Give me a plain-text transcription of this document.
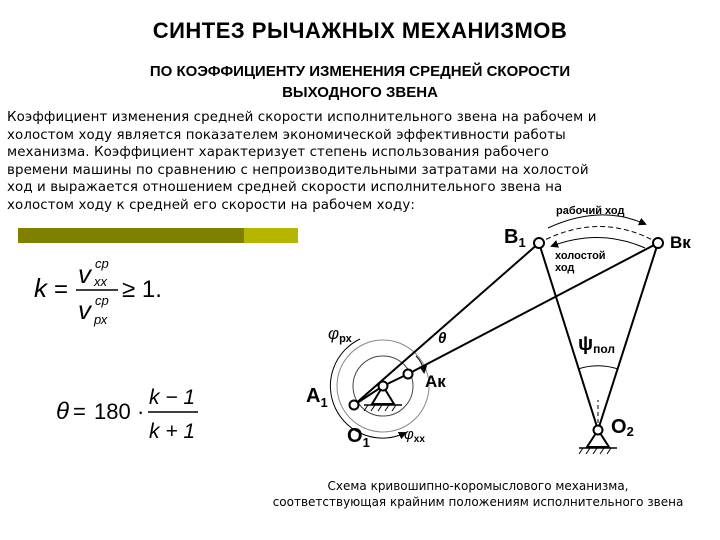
СИНТЕЗ РЫЧАЖНЫХ МЕХАНИЗМОВ
ПО КОЭФФИЦИЕНТУ ИЗМЕНЕНИЯ СРЕДНЕЙ СКОРОСТИ
ВЫХОДНОГО ЗВЕНА
Коэффициент изменения средней скорости исполнительного звена на рабочем и
холостом ходу является показателем экономической эффективности работы
механизма. Коэффициент характеризует степень использования рабочего
времени машины по сравнению с непроизводительными затратами на холостой
ход и выражается отношением средней скорости исполнительного звена на
холостом ходу к средней его скорости на рабочем ходу:
k =
v ср
хх
v ср
рх
≥ 1.
θ = 180 ·
k − 1
k + 1
рабочий ход
холостой
ход
$B_1$	Bк
ψпол
φрх	θ
$A_1$
Aк
$O_1$ $\varphi_{хх}$
O2
Схема кривошипно-коромыслового механизма,
соответствующая крайним положениям исполнительного звена
